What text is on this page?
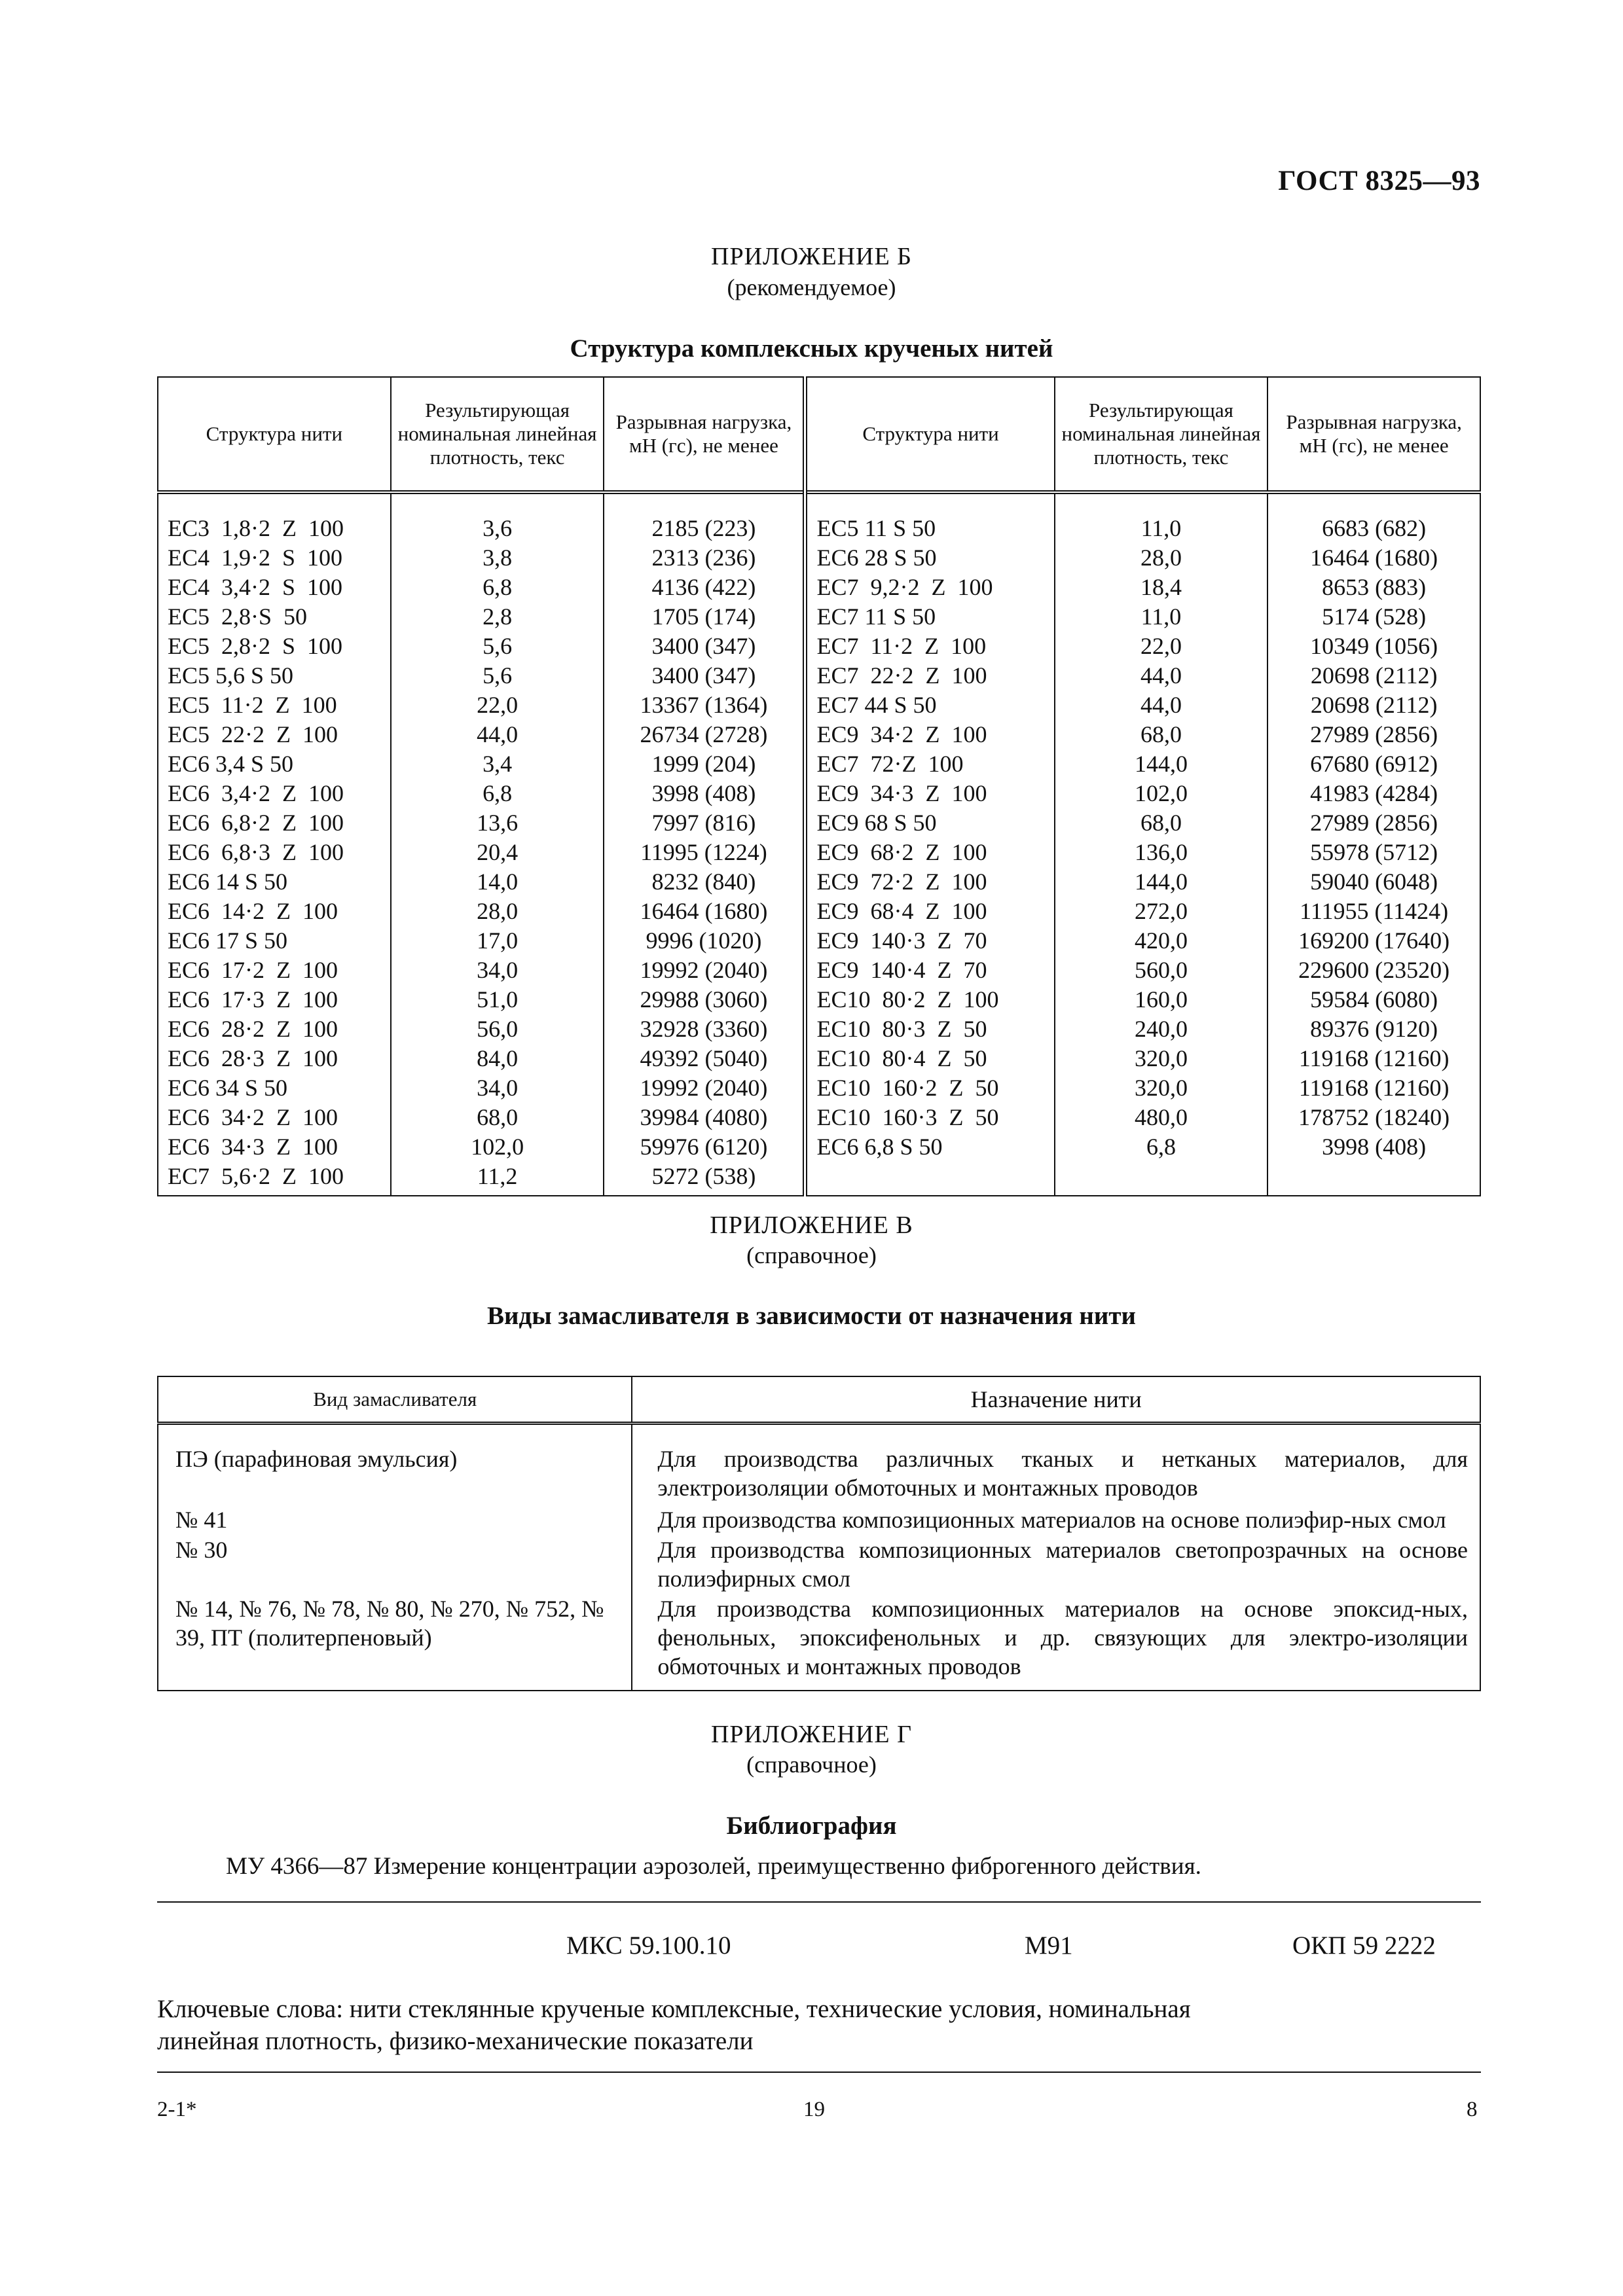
ГОСТ 8325—93
ПРИЛОЖЕНИЕ Б
(рекомендуемое)
Структура комплексных крученых нитей
Структура нити	Результирующая номинальная линейная плотность, текс	Разрывная нагрузка, мН (гс), не менее	Структура нити	Результирующая номинальная линейная плотность, текс	Разрывная нагрузка, мН (гс), не менее
ЕС3  1,8·2  Z  100	3,6	2185 (223)	ЕС5 11 S 50	11,0	6683 (682)
ЕС4  1,9·2  S  100	3,8	2313 (236)	ЕС6 28 S 50	28,0	16464 (1680)
ЕС4  3,4·2  S  100	6,8	4136 (422)	ЕС7  9,2·2  Z  100	18,4	8653 (883)
ЕС5  2,8·S  50	2,8	1705 (174)	ЕС7 11 S 50	11,0	5174 (528)
ЕС5  2,8·2  S  100	5,6	3400 (347)	ЕС7  11·2  Z  100	22,0	10349 (1056)
ЕС5 5,6 S 50	5,6	3400 (347)	ЕС7  22·2  Z  100	44,0	20698 (2112)
ЕС5  11·2  Z  100	22,0	13367 (1364)	ЕС7 44 S 50	44,0	20698 (2112)
ЕС5  22·2  Z  100	44,0	26734 (2728)	ЕС9  34·2  Z  100	68,0	27989 (2856)
ЕС6 3,4 S 50	3,4	1999 (204)	ЕС7  72·Z  100	144,0	67680 (6912)
ЕС6  3,4·2  Z  100	6,8	3998 (408)	ЕС9  34·3  Z  100	102,0	41983 (4284)
ЕС6  6,8·2  Z  100	13,6	7997 (816)	ЕС9 68 S 50	68,0	27989 (2856)
ЕС6  6,8·3  Z  100	20,4	11995 (1224)	ЕС9  68·2  Z  100	136,0	55978 (5712)
ЕС6 14 S 50	14,0	8232 (840)	ЕС9  72·2  Z  100	144,0	59040 (6048)
ЕС6  14·2  Z  100	28,0	16464 (1680)	ЕС9  68·4  Z  100	272,0	111955 (11424)
ЕС6 17 S 50	17,0	9996 (1020)	ЕС9  140·3  Z  70	420,0	169200 (17640)
ЕС6  17·2  Z  100	34,0	19992 (2040)	ЕС9  140·4  Z  70	560,0	229600 (23520)
ЕС6  17·3  Z  100	51,0	29988 (3060)	ЕС10  80·2  Z  100	160,0	59584 (6080)
ЕС6  28·2  Z  100	56,0	32928 (3360)	ЕС10  80·3  Z  50	240,0	89376 (9120)
ЕС6  28·3  Z  100	84,0	49392 (5040)	ЕС10  80·4  Z  50	320,0	119168 (12160)
ЕС6 34 S 50	34,0	19992 (2040)	ЕС10  160·2  Z  50	320,0	119168 (12160)
ЕС6  34·2  Z  100	68,0	39984 (4080)	ЕС10  160·3  Z  50	480,0	178752 (18240)
ЕС6  34·3  Z  100	102,0	59976 (6120)	ЕС6 6,8 S 50	6,8	3998 (408)
ЕС7  5,6·2  Z  100	11,2	5272 (538)			
ПРИЛОЖЕНИЕ В
(справочное)
Виды замасливателя в зависимости от назначения нити
Вид замасливателя	Назначение нити
ПЭ (парафиновая эмульсия)	Для производства различных тканых и нетканых материалов, для электроизоляции обмоточных и монтажных проводов
№ 41	Для производства композиционных материалов на основе полиэфир-ных смол
№ 30	Для производства композиционных материалов светопрозрачных на основе полиэфирных смол
№ 14, № 76, № 78, № 80, № 270, № 752, № 39, ПТ (политерпеновый)	Для производства композиционных материалов на основе эпоксид-ных, фенольных, эпоксифенольных и др. связующих для электро-изоляции обмоточных и монтажных проводов
ПРИЛОЖЕНИЕ Г
(справочное)
Библиография
МУ 4366—87 Измерение концентрации аэрозолей, преимущественно фиброгенного действия.
МКС 59.100.10	М91	ОКП 59 2222
Ключевые слова: нити стеклянные крученые комплексные, технические условия, номинальная
линейная плотность, физико-механические показатели
2-1*	19	8
